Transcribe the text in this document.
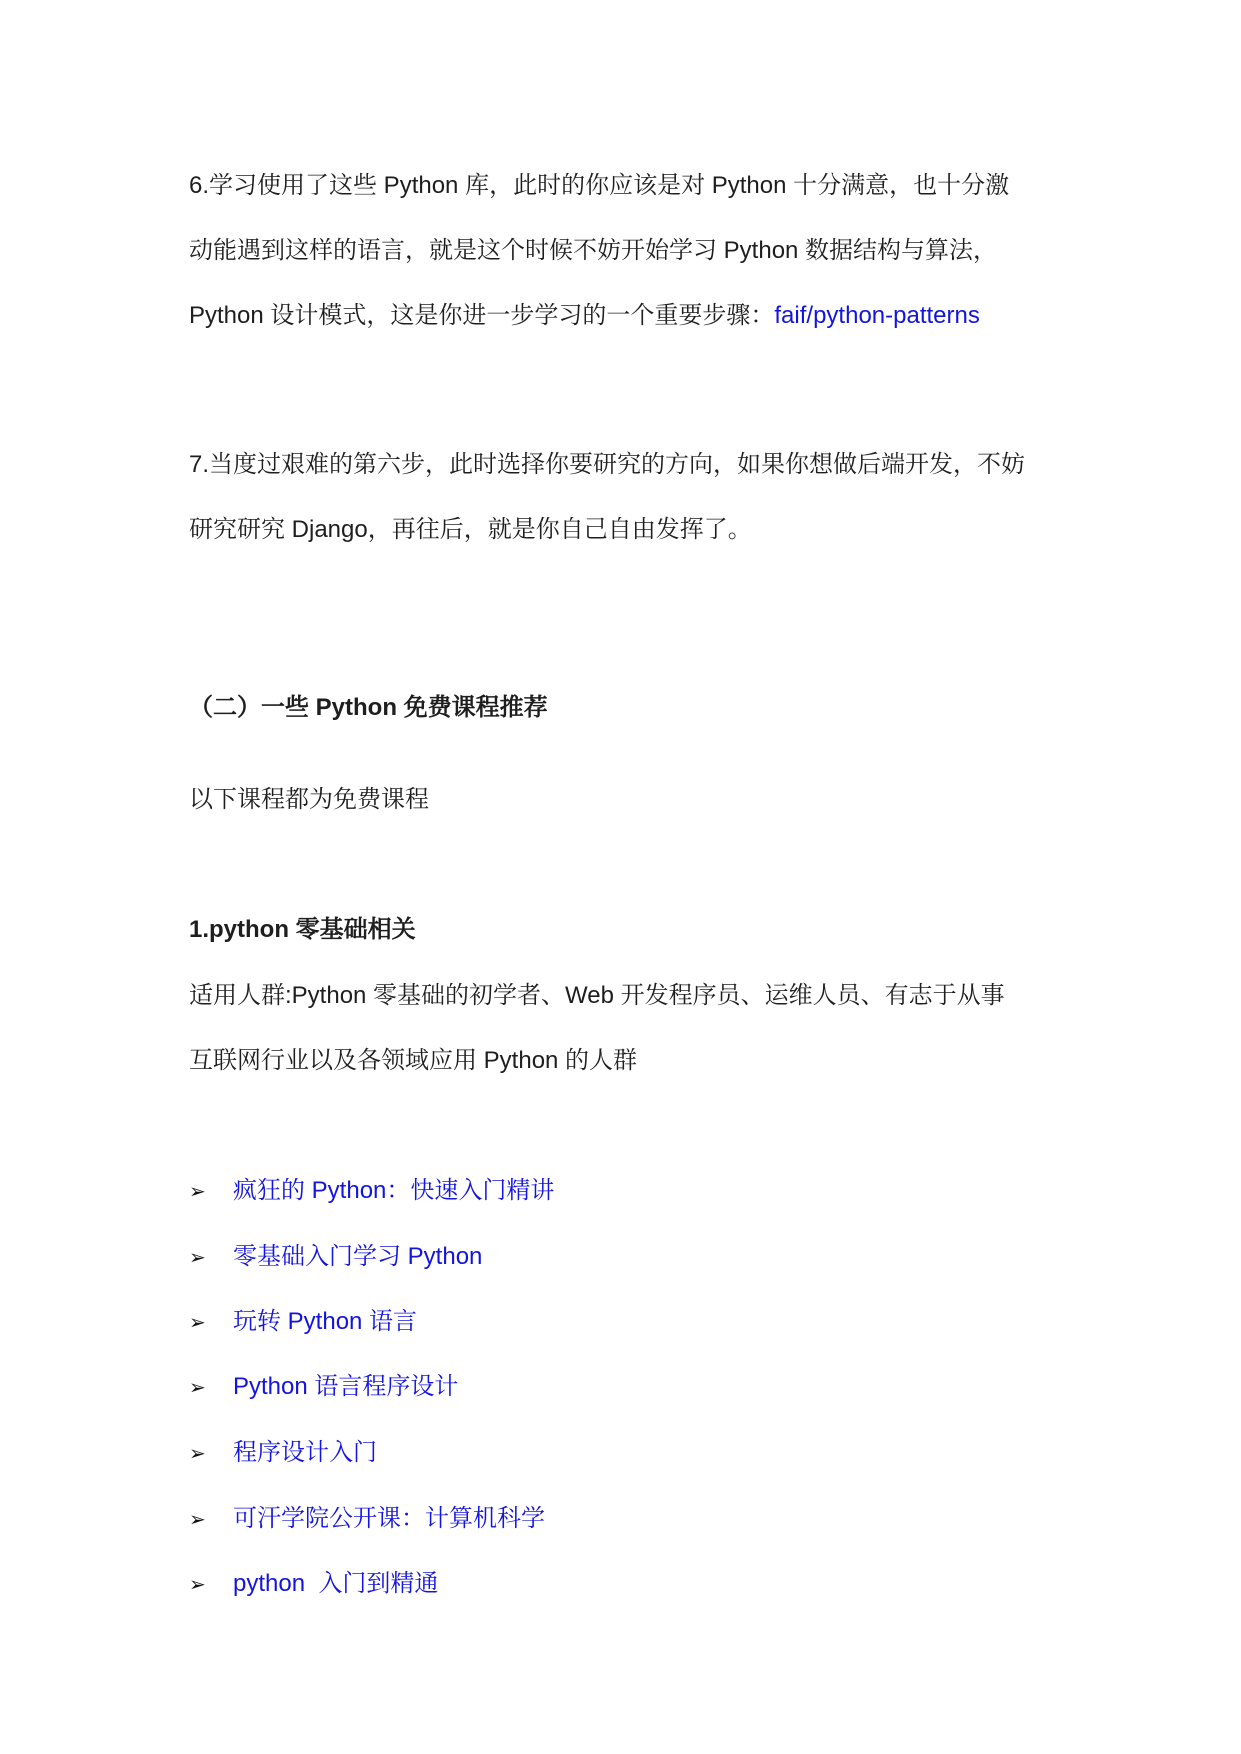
6.学习使用了这些 Python 库，此时的你应该是对 Python 十分满意，也十分激
动能遇到这样的语言，就是这个时候不妨开始学习 Python 数据结构与算法，
Python 设计模式，这是你进一步学习的一个重要步骤：faif/python-patterns
7.当度过艰难的第六步，此时选择你要研究的方向，如果你想做后端开发，不妨
研究研究 Django，再往后，就是你自己自由发挥了。
（二）一些 Python 免费课程推荐
以下课程都为免费课程
1.python 零基础相关
适用人群:Python 零基础的初学者、Web 开发程序员、运维人员、有志于从事
互联网行业以及各领域应用 Python 的人群

➢

	疯狂的 Python：快速入门精讲

➢

	零基础入门学习 Python

➢

	玩转 Python 语言

➢

	Python 语言程序设计

➢

	程序设计入门

➢

	可汗学院公开课：计算机科学

➢

	python  入门到精通
